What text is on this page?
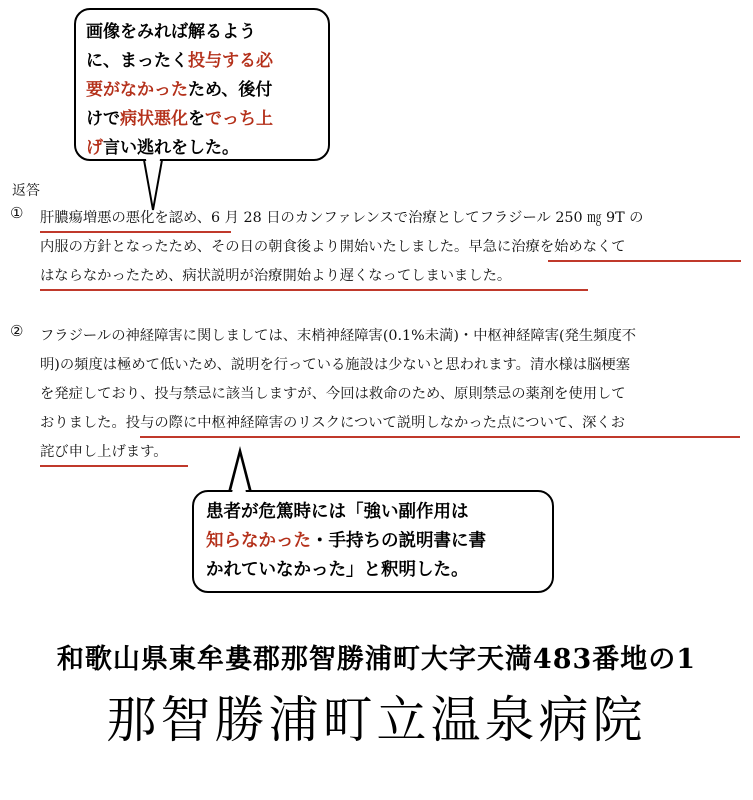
画像をみれば解るよう
に、まったく投与する必
要がなかったため、後付
けで病状悪化をでっち上
げ言い逃れをした。
返答
① 肝膿瘍増悪の悪化を認め、6 月 28 日のカンファレンスで治療としてフラジール 250 ㎎ 9T の
内服の方針となったため、その日の朝食後より開始いたしました。早急に治療を始めなくて
はならなかったため、病状説明が治療開始より遅くなってしまいました。
② フラジールの神経障害に関しましては、末梢神経障害(0.1%未満)・中枢神経障害(発生頻度不
明)の頻度は極めて低いため、説明を行っている施設は少ないと思われます。清水様は脳梗塞
を発症しており、投与禁忌に該当しますが、今回は救命のため、原則禁忌の薬剤を使用して
おりました。投与の際に中枢神経障害のリスクについて説明しなかった点について、深くお
詫び申し上げます。
患者が危篤時には「強い副作用は
知らなかった・手持ちの説明書に書
かれていなかった」と釈明した。
和歌山県東牟婁郡那智勝浦町大字天満483番地の1
那智勝浦町立温泉病院
